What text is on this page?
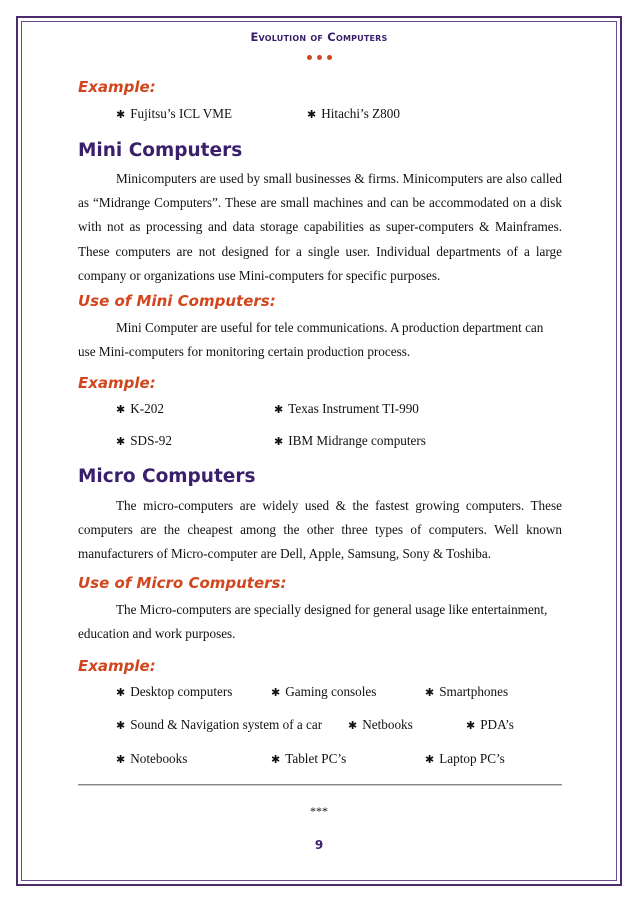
Evolution of Computers
Example:
✱ Fujitsu’s ICL VME	✱ Hitachi’s Z800
Mini Computers

Minicomputers are used by small businesses & firms. Minicomputers are also called as “Midrange Computers”. These are small machines and can be accommodated on a disk with not as processing and data storage capabilities as super-computers & Mainframes. These computers are not designed for a single user. Individual departments of a large company or organizations use Mini-computers for specific purposes.

Use of Mini Computers:

Mini Computer are useful for tele communications. A production department can use Mini-computers for monitoring certain production process.

Example:
✱ K-202	✱ Texas Instrument TI-990
✱ SDS-92	✱ IBM Midrange computers
Micro Computers

The micro-computers are widely used & the fastest growing computers. These computers are the cheapest among the other three types of computers. Well known manufacturers of Micro-computer are Dell, Apple, Samsung, Sony & Toshiba.

Use of Micro Computers:

The Micro-computers are specially designed for general usage like entertainment, education and work purposes.

Example:
✱ Desktop computers	✱ Gaming consoles	✱ Smartphones
✱ Sound & Navigation system of a car ✱ Netbooks	✱ PDA’s
✱ Notebooks	✱ Tablet PC’s	✱ Laptop PC’s
***
9
